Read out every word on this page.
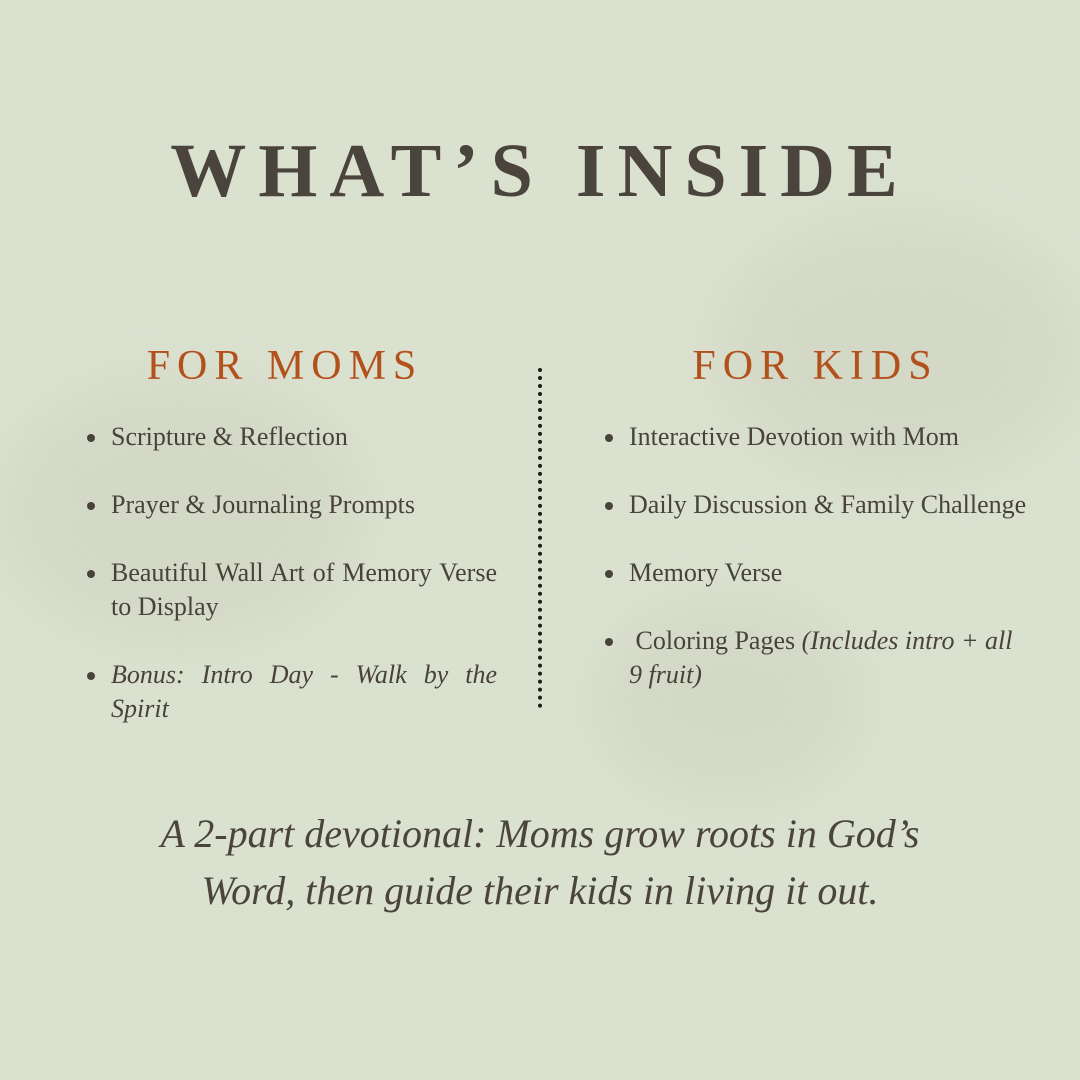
WHAT’S INSIDE
FOR MOMS
Scripture & Reflection
Prayer & Journaling Prompts
Beautiful Wall Art of Memory Verse to Display
Bonus: Intro Day - Walk by the Spirit
FOR KIDS
Interactive Devotion with Mom
Daily Discussion & Family Challenge
Memory Verse
Coloring Pages (Includes intro + all 9 fruit)

A 2-part devotional: Moms grow roots in God’s Word, then guide their kids in living it out.
